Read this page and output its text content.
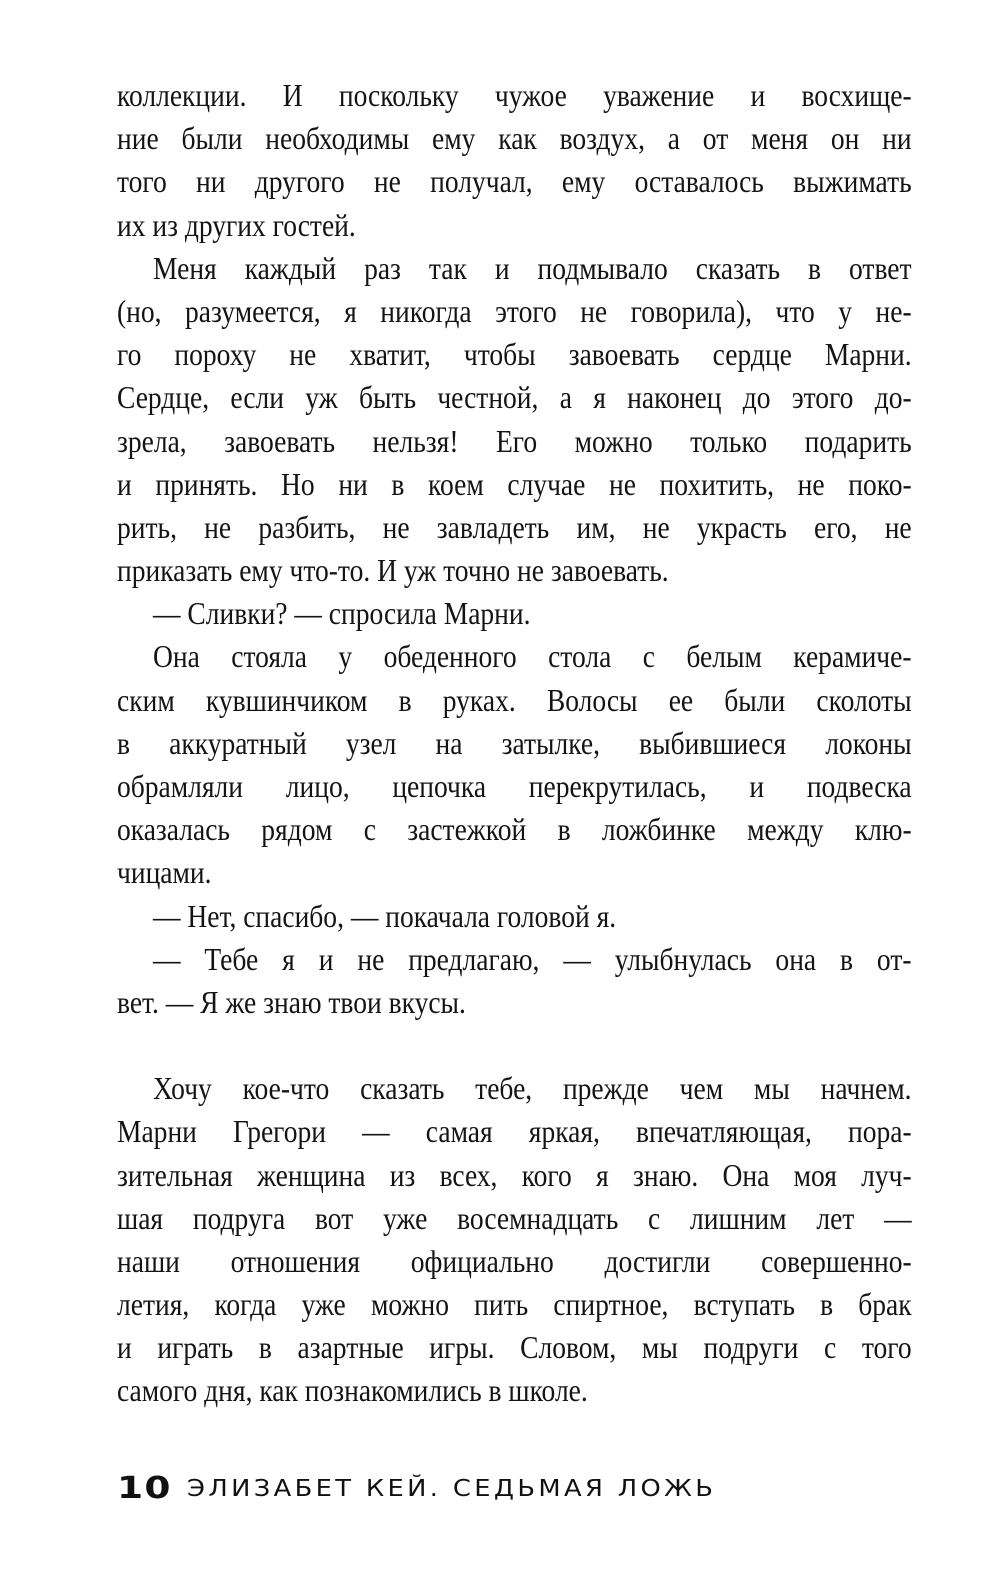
коллекции. И поскольку чужое уважение и восхище-
ние были необходимы ему как воздух, а от меня он ни
того ни другого не получал, ему оставалось выжимать
их из других гостей.
Меня каждый раз так и подмывало сказать в ответ
(но, разумеется, я никогда этого не говорила), что у не-
го пороху не хватит, чтобы завоевать сердце Марни.
Сердце, если уж быть честной, а я наконец до этого до-
зрела, завоевать нельзя! Его можно только подарить
и принять. Но ни в коем случае не похитить, не поко-
рить, не разбить, не завладеть им, не украсть его, не
приказать ему что-то. И уж точно не завоевать.
— Сливки? — спросила Марни.
Она стояла у обеденного стола с белым керамиче-
ским кувшинчиком в руках. Волосы ее были сколоты
в аккуратный узел на затылке, выбившиеся локоны
обрамляли лицо, цепочка перекрутилась, и подвеска
оказалась рядом с застежкой в ложбинке между клю-
чицами.
— Нет, спасибо, — покачала головой я.
— Тебе я и не предлагаю, — улыбнулась она в от-
вет. — Я же знаю твои вкусы.
Хочу кое-что сказать тебе, прежде чем мы начнем.
Марни Грегори — самая яркая, впечатляющая, пора-
зительная женщина из всех, кого я знаю. Она моя луч-
шая подруга вот уже восемнадцать с лишним лет —
наши отношения официально достигли совершенно-
летия, когда уже можно пить спиртное, вступать в брак
и играть в азартные игры. Словом, мы подруги с того
самого дня, как познакомились в школе.
10 ЭЛИЗАБЕТ КЕЙ. СЕДЬМАЯ ЛОЖЬ
